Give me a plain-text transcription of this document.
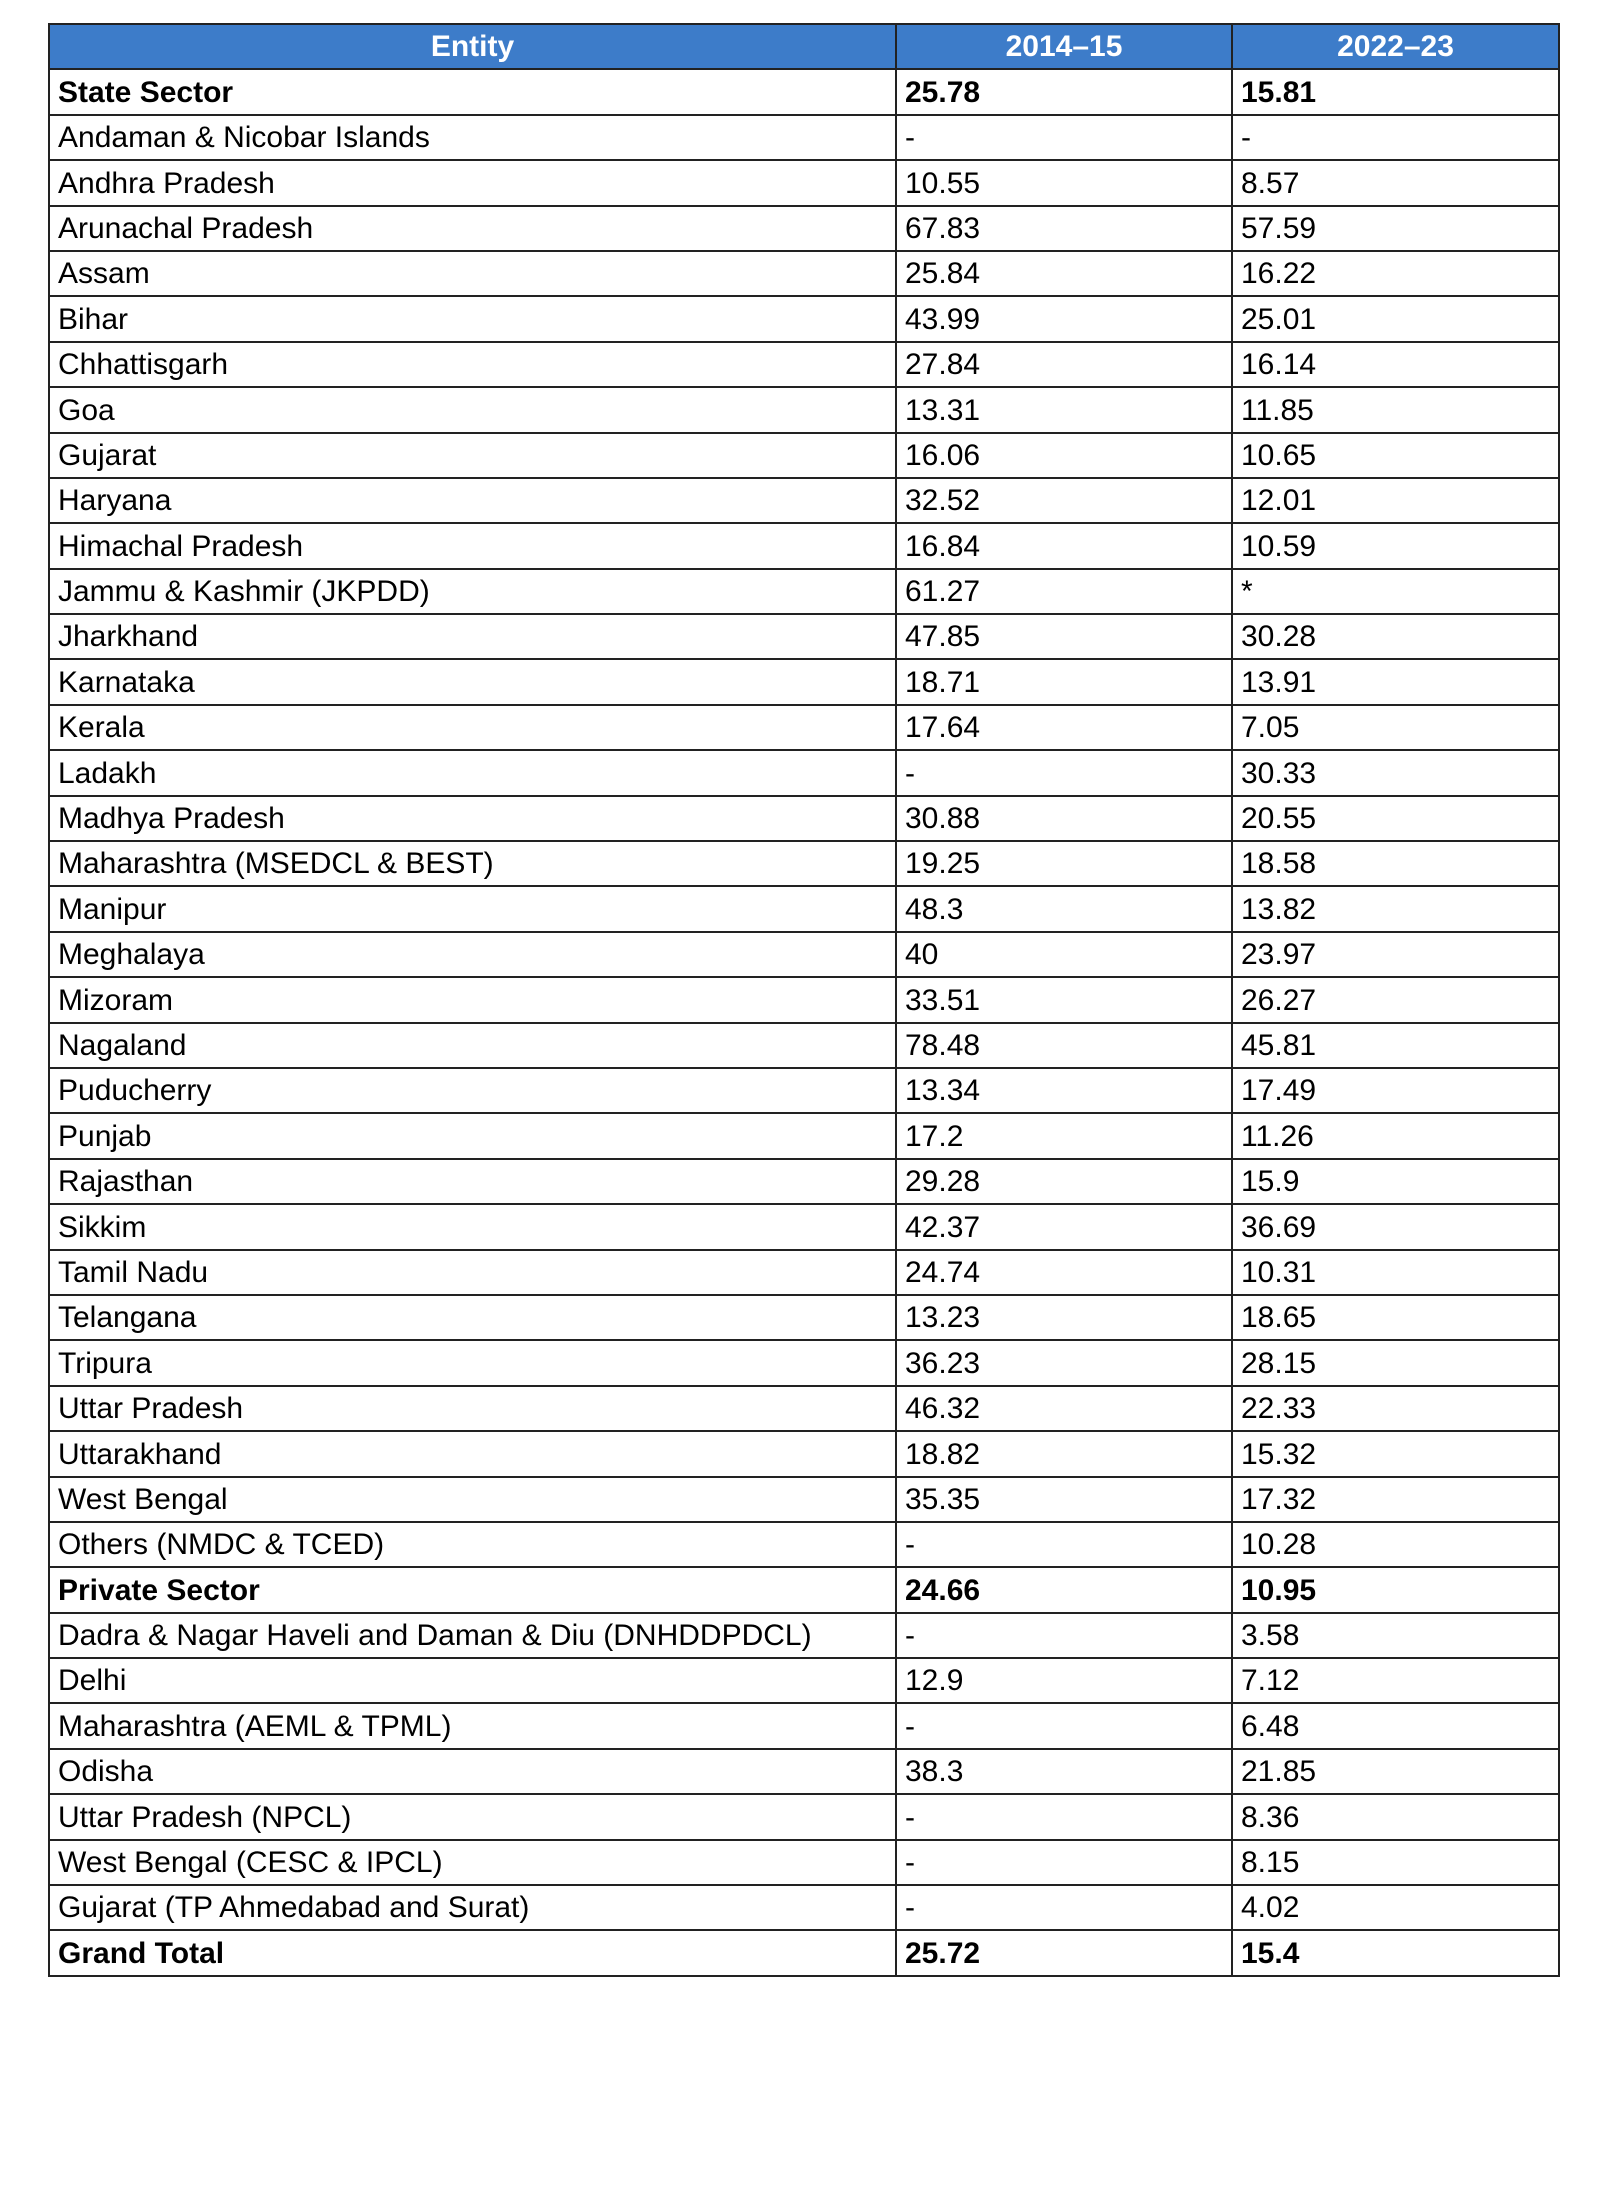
Entity	2014–15	2022–23
State Sector	25.78	15.81
Andaman & Nicobar Islands	-	-
Andhra Pradesh	10.55	8.57
Arunachal Pradesh	67.83	57.59
Assam	25.84	16.22
Bihar	43.99	25.01
Chhattisgarh	27.84	16.14
Goa	13.31	11.85
Gujarat	16.06	10.65
Haryana	32.52	12.01
Himachal Pradesh	16.84	10.59
Jammu & Kashmir (JKPDD)	61.27	*
Jharkhand	47.85	30.28
Karnataka	18.71	13.91
Kerala	17.64	7.05
Ladakh	-	30.33
Madhya Pradesh	30.88	20.55
Maharashtra (MSEDCL & BEST)	19.25	18.58
Manipur	48.3	13.82
Meghalaya	40	23.97
Mizoram	33.51	26.27
Nagaland	78.48	45.81
Puducherry	13.34	17.49
Punjab	17.2	11.26
Rajasthan	29.28	15.9
Sikkim	42.37	36.69
Tamil Nadu	24.74	10.31
Telangana	13.23	18.65
Tripura	36.23	28.15
Uttar Pradesh	46.32	22.33
Uttarakhand	18.82	15.32
West Bengal	35.35	17.32
Others (NMDC & TCED)	-	10.28
Private Sector	24.66	10.95
Dadra & Nagar Haveli and Daman & Diu (DNHDDPDCL)	-	3.58
Delhi	12.9	7.12
Maharashtra (AEML & TPML)	-	6.48
Odisha	38.3	21.85
Uttar Pradesh (NPCL)	-	8.36
West Bengal (CESC & IPCL)	-	8.15
Gujarat (TP Ahmedabad and Surat)	-	4.02
Grand Total	25.72	15.4
